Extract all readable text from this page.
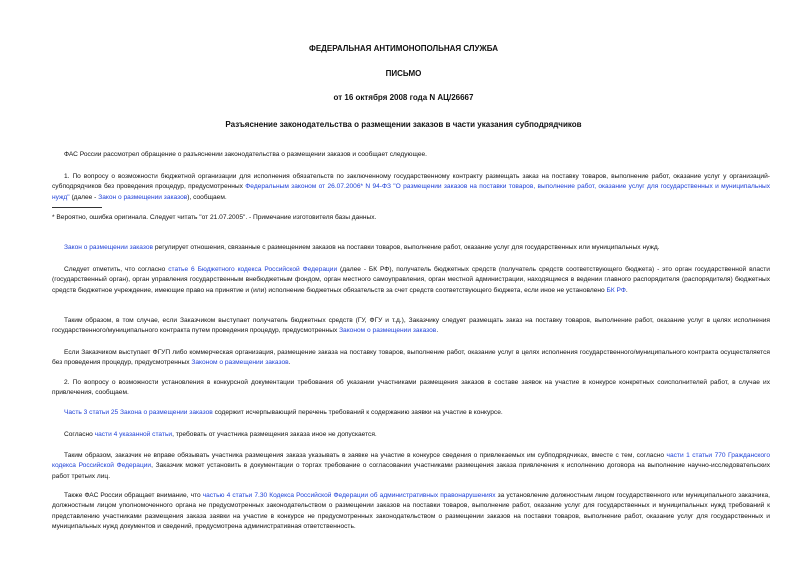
ФЕДЕРАЛЬНАЯ АНТИМОНОПОЛЬНАЯ СЛУЖБА
ПИСЬМО
от 16 октября 2008 года N АЦ/26667
Разъяснение законодательства о размещении заказов в части указания субподрядчиков

ФАС России рассмотрел обращение о разъяснении законодательства о размещении заказов и сообщает следующее.

1. По вопросу о возможности бюджетной организации для исполнения обязательств по заключенному государственному контракту размещать заказ на поставку товаров, выполнение работ, оказание услуг у организаций-субподрядчиков без проведения процедур, предусмотренных Федеральным законом от 26.07.2006* N 94-ФЗ "О размещении заказов на поставки товаров, выполнение работ, оказание услуг для государственных и муниципальных нужд" (далее - Закон о размещении заказов), сообщаем.

* Вероятно, ошибка оригинала. Следует читать "от 21.07.2005". - Примечание изготовителя базы данных.

Закон о размещении заказов регулирует отношения, связанные с размещением заказов на поставки товаров, выполнение работ, оказание услуг для государственных или муниципальных нужд.

Следует отметить, что согласно статье 6 Бюджетного кодекса Российской Федерации (далее - БК РФ), получатель бюджетных средств (получатель средств соответствующего бюджета) - это орган государственной власти (государственный орган), орган управления государственным внебюджетным фондом, орган местного самоуправления, орган местной администрации, находящиеся в ведении главного распорядителя (распорядителя) бюджетных средств бюджетное учреждение, имеющие право на принятие и (или) исполнение бюджетных обязательств за счет средств соответствующего бюджета, если иное не установлено БК РФ.

Таким образом, в том случае, если Заказчиком выступает получатель бюджетных средств (ГУ, ФГУ и т.д.), Заказчику следует размещать заказ на поставку товаров, выполнение работ, оказание услуг в целях исполнения государственного/муниципального контракта путем проведения процедур, предусмотренных Законом о размещении заказов.

Если Заказчиком выступает ФГУП либо коммерческая организация, размещение заказа на поставку товаров, выполнение работ, оказание услуг в целях исполнения государственного/муниципального контракта осуществляется без проведения процедур, предусмотренных Законом о размещении заказов.

2. По вопросу о возможности установления в конкурсной документации требования об указании участниками размещения заказов в составе заявок на участие в конкурсе конкретных соисполнителей работ, в случае их привлечения, сообщаем.

Часть 3 статьи 25 Закона о размещении заказов содержит исчерпывающий перечень требований к содержанию заявки на участие в конкурсе.

Согласно части 4 указанной статьи, требовать от участника размещения заказа иное не допускается.

Таким образом, заказчик не вправе обязывать участника размещения заказа указывать в заявке на участие в конкурсе сведения о привлекаемых им субподрядчиках, вместе с тем, согласно части 1 статьи 770 Гражданского кодекса Российской Федерации, Заказчик может установить в документации о торгах требование о согласовании участниками размещения заказа привлечения к исполнению договора на выполнение научно-исследовательских работ третьих лиц.

Также ФАС России обращает внимание, что частью 4 статьи 7.30 Кодекса Российской Федерации об административных правонарушениях за установление должностным лицом государственного или муниципального заказчика, должностным лицом уполномоченного органа не предусмотренных законодательством о размещении заказов на поставки товаров, выполнение работ, оказание услуг для государственных и муниципальных нужд требований к представлению участниками размещения заказа заявки на участие в конкурсе не предусмотренных законодательством о размещении заказов на поставки товаров, выполнение работ, оказание услуг для государственных и муниципальных нужд документов и сведений, предусмотрена административная ответственность.
